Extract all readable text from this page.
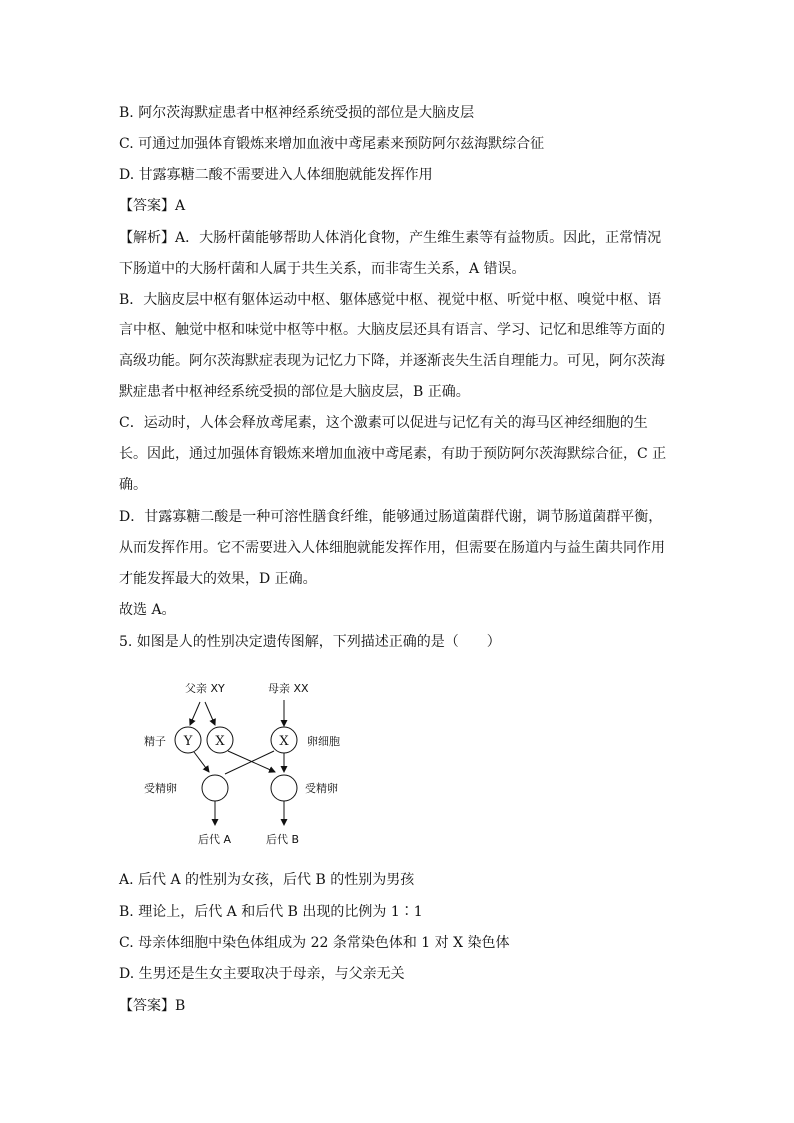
B. 阿尔茨海默症患者中枢神经系统受损的部位是大脑皮层
C. 可通过加强体育锻炼来增加血液中鸢尾素来预防阿尔兹海默综合征
D. 甘露寡糖二酸不需要进入人体细胞就能发挥作用
【答案】A
【解析】A．大肠杆菌能够帮助人体消化食物，产生维生素等有益物质。因此，正常情况
下肠道中的大肠杆菌和人属于共生关系，而非寄生关系，A 错误。
B．大脑皮层中枢有躯体运动中枢、躯体感觉中枢、视觉中枢、听觉中枢、嗅觉中枢、语
言中枢、触觉中枢和味觉中枢等中枢。大脑皮层还具有语言、学习、记忆和思维等方面的
高级功能。阿尔茨海默症表现为记忆力下降，并逐渐丧失生活自理能力。可见，阿尔茨海
默症患者中枢神经系统受损的部位是大脑皮层，B 正确。
C．运动时，人体会释放鸢尾素，这个激素可以促进与记忆有关的海马区神经细胞的生
长。因此，通过加强体育锻炼来增加血液中鸢尾素，有助于预防阿尔茨海默综合征，C 正
确。
D．甘露寡糖二酸是一种可溶性膳食纤维，能够通过肠道菌群代谢，调节肠道菌群平衡，
从而发挥作用。它不需要进入人体细胞就能发挥作用，但需要在肠道内与益生菌共同作用
才能发挥最大的效果，D 正确。
故选 A。
5. 如图是人的性别决定遗传图解，下列描述正确的是（　　）
父亲 XY	母亲 XX
精子 Y X	X 卵细胞
受精卵	受精卵
后代 A	后代 B
A. 后代 A 的性别为女孩，后代 B 的性别为男孩
B. 理论上，后代 A 和后代 B 出现的比例为 1∶1
C. 母亲体细胞中染色体组成为 22 条常染色体和 1 对 X 染色体
D. 生男还是生女主要取决于母亲，与父亲无关
【答案】B
